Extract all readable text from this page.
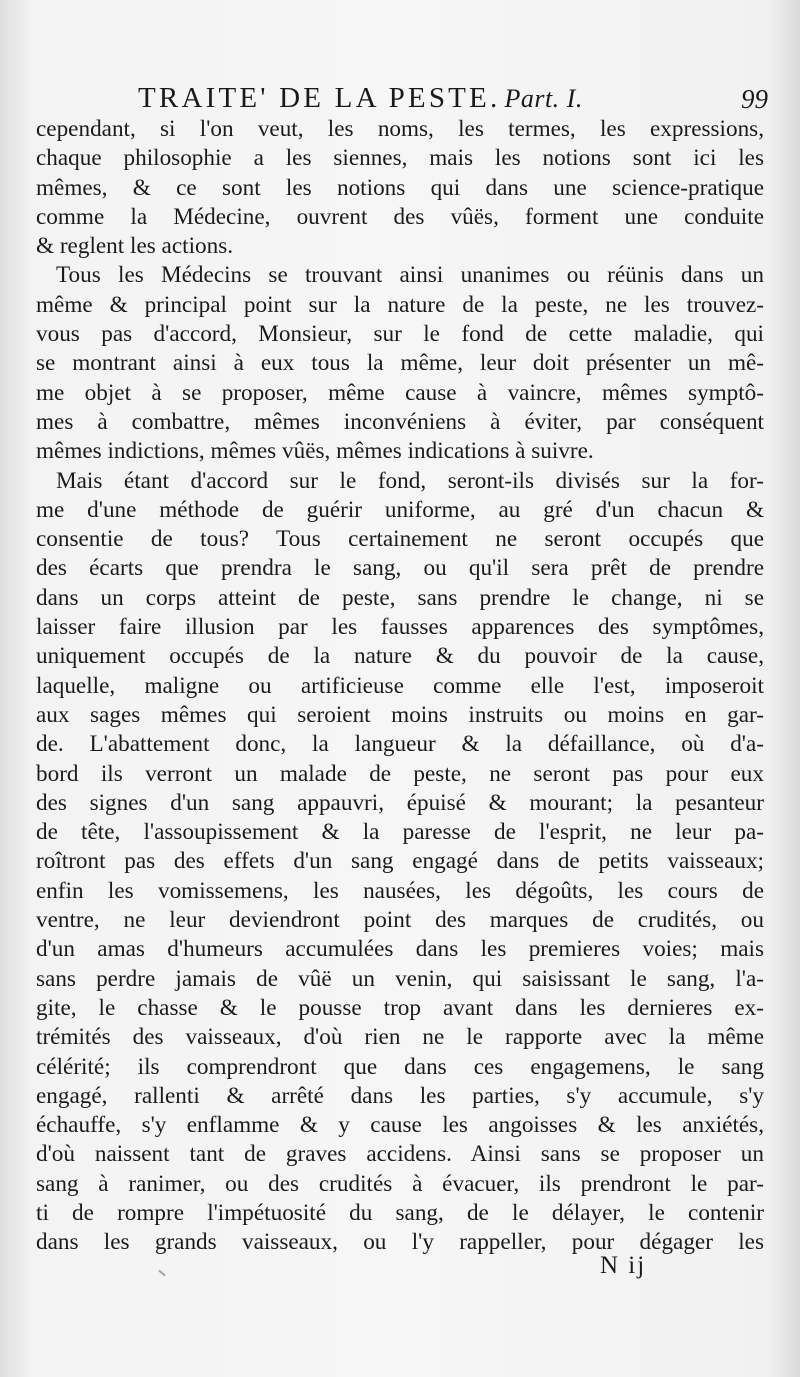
TRAITE' DE LA PESTE. Part. I.	99
cependant, si l'on veut, les noms, les termes, les expressions,
chaque philosophie a les siennes, mais les notions sont ici les
mêmes, & ce sont les notions qui dans une science-pratique
comme la Médecine, ouvrent des vûës, forment une conduite
& reglent les actions.
Tous les Médecins se trouvant ainsi unanimes ou réünis dans un
même & principal point sur la nature de la peste, ne les trouvez-
vous pas d'accord, Monsieur, sur le fond de cette maladie, qui
se montrant ainsi à eux tous la même, leur doit présenter un mê-
me objet à se proposer, même cause à vaincre, mêmes symptô-
mes à combattre, mêmes inconvéniens à éviter, par conséquent
mêmes indictions, mêmes vûës, mêmes indications à suivre.
Mais étant d'accord sur le fond, seront-ils divisés sur la for-
me d'une méthode de guérir uniforme, au gré d'un chacun &
consentie de tous? Tous certainement ne seront occupés que
des écarts que prendra le sang, ou qu'il sera prêt de prendre
dans un corps atteint de peste, sans prendre le change, ni se
laisser faire illusion par les fausses apparences des symptômes,
uniquement occupés de la nature & du pouvoir de la cause,
laquelle, maligne ou artificieuse comme elle l'est, imposeroit
aux sages mêmes qui seroient moins instruits ou moins en gar-
de. L'abattement donc, la langueur & la défaillance, où d'a-
bord ils verront un malade de peste, ne seront pas pour eux
des signes d'un sang appauvri, épuisé & mourant; la pesanteur
de tête, l'assoupissement & la paresse de l'esprit, ne leur pa-
roîtront pas des effets d'un sang engagé dans de petits vaisseaux;
enfin les vomissemens, les nausées, les dégoûts, les cours de
ventre, ne leur deviendront point des marques de crudités, ou
d'un amas d'humeurs accumulées dans les premieres voies; mais
sans perdre jamais de vûë un venin, qui saisissant le sang, l'a-
gite, le chasse & le pousse trop avant dans les dernieres ex-
trémités des vaisseaux, d'où rien ne le rapporte avec la même
célérité; ils comprendront que dans ces engagemens, le sang
engagé, rallenti & arrêté dans les parties, s'y accumule, s'y
échauffe, s'y enflamme & y cause les angoisses & les anxiétés,
d'où naissent tant de graves accidens. Ainsi sans se proposer un
sang à ranimer, ou des crudités à évacuer, ils prendront le par-
ti de rompre l'impétuosité du sang, de le délayer, le contenir
dans les grands vaisseaux, ou l'y rappeller, pour dégager les
N ij
